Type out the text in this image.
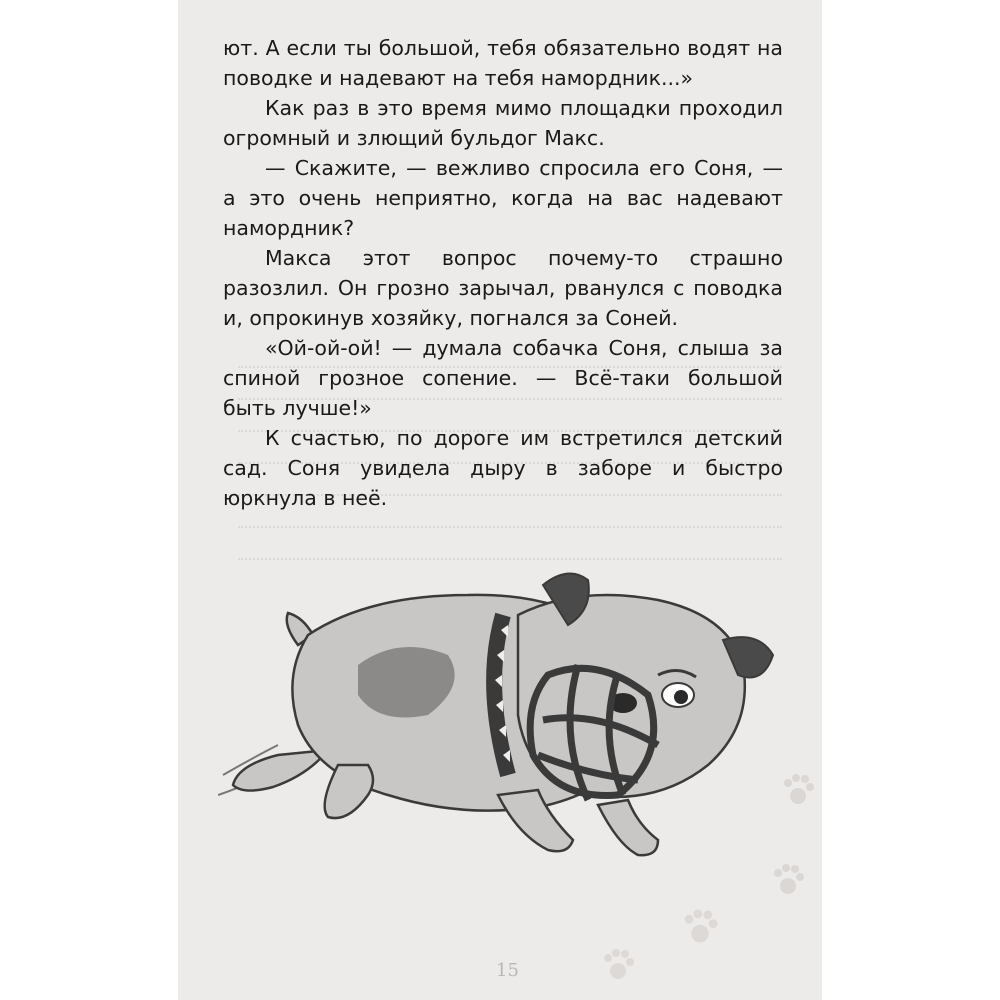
ют. А если ты большой, тебя обязательно водят на поводке и надевают на тебя намордник...»

Как раз в это время мимо площадки проходил огромный и злющий бульдог Макс.

— Скажите, — вежливо спросила его Соня, — а это очень неприятно, когда на вас надевают намордник?

Макса этот вопрос почему-то страшно разозлил. Он грозно зарычал, рванулся с поводка и, опрокинув хозяйку, погнался за Соней.

«Ой-ой-ой! — думала собачка Соня, слыша за спиной грозное сопение. — Всё-таки большой быть лучше!»

К счастью, по дороге им встретился детский сад. Соня увидела дыру в заборе и быстро юркнула в неё.

15
